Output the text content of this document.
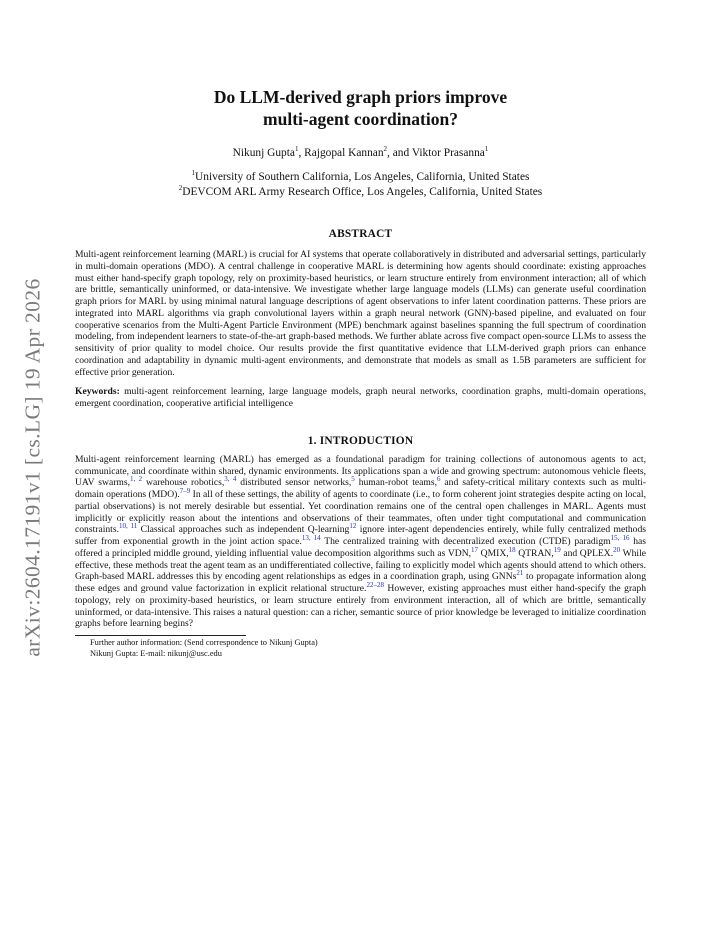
arXiv:2604.17191v1 [cs.LG] 19 Apr 2026
Do LLM-derived graph priors improve
multi-agent coordination?
Nikunj Gupta$^1$, Rajgopal Kannan$^2$, and Viktor Prasanna$^1$
$^1$University of Southern California, Los Angeles, California, United States
$^2$DEVCOM ARL Army Research Office, Los Angeles, California, United States
ABSTRACT

Multi-agent reinforcement learning (MARL) is crucial for AI systems that operate collaboratively in distributed and adversarial settings, particularly in multi-domain operations (MDO). A central challenge in cooperative MARL is determining how agents should coordinate: existing approaches must either hand-specify graph topology, rely on proximity-based heuristics, or learn structure entirely from environment interaction; all of which are brittle, semantically uninformed, or data-intensive. We investigate whether large language models (LLMs) can generate useful coordination graph priors for MARL by using minimal natural language descriptions of agent observations to infer latent coordination patterns. These priors are integrated into MARL algorithms via graph convolutional layers within a graph neural network (GNN)-based pipeline, and evaluated on four cooperative scenarios from the Multi-Agent Particle Environment (MPE) benchmark against baselines spanning the full spectrum of coordination modeling, from independent learners to state-of-the-art graph-based methods. We further ablate across five compact open-source LLMs to assess the sensitivity of prior quality to model choice. Our results provide the first quantitative evidence that LLM-derived graph priors can enhance coordination and adaptability in dynamic multi-agent environments, and demonstrate that models as small as 1.5B parameters are sufficient for effective prior generation.

Keywords: multi-agent reinforcement learning, large language models, graph neural networks, coordination graphs, multi-domain operations, emergent coordination, cooperative artificial intelligence

1. INTRODUCTION

Multi-agent reinforcement learning (MARL) has emerged as a foundational paradigm for training collections of autonomous agents to act, communicate, and coordinate within shared, dynamic environments. Its applications span a wide and growing spectrum: autonomous vehicle fleets, UAV swarms,$^{1, 2}$ warehouse robotics,$^{3, 4}$ distributed sensor networks,$^5$ human-robot teams,$^6$ and safety-critical military contexts such as multi-domain operations (MDO).$^{7-9}$ In all of these settings, the ability of agents to coordinate (i.e., to form coherent joint strategies despite acting on local, partial observations) is not merely desirable but essential. Yet coordination remains one of the central open challenges in MARL. Agents must implicitly or explicitly reason about the intentions and observations of their teammates, often under tight computational and communication constraints.$^{10, 11}$ Classical approaches such as independent Q-learning$^{12}$ ignore inter-agent dependencies entirely, while fully centralized methods suffer from exponential growth in the joint action space.$^{13, 14}$ The centralized training with decentralized execution (CTDE) paradigm$^{15, 16}$ has offered a principled middle ground, yielding influential value decomposition algorithms such as VDN,$^{17}$ QMIX,$^{18}$ QTRAN,$^{19}$ and QPLEX.$^{20}$ While effective, these methods treat the agent team as an undifferentiated collective, failing to explicitly model which agents should attend to which others. Graph-based MARL addresses this by encoding agent relationships as edges in a coordination graph, using GNNs$^{21}$ to propagate information along these edges and ground value factorization in explicit relational structure.$^{22-28}$ However, existing approaches must either hand-specify the graph topology, rely on proximity-based heuristics, or learn structure entirely from environment interaction, all of which are brittle, semantically uninformed, or data-intensive. This raises a natural question: can a richer, semantic source of prior knowledge be leveraged to initialize coordination graphs before learning begins?

Further author information: (Send correspondence to Nikunj Gupta)
Nikunj Gupta: E-mail: nikunj@usc.edu
